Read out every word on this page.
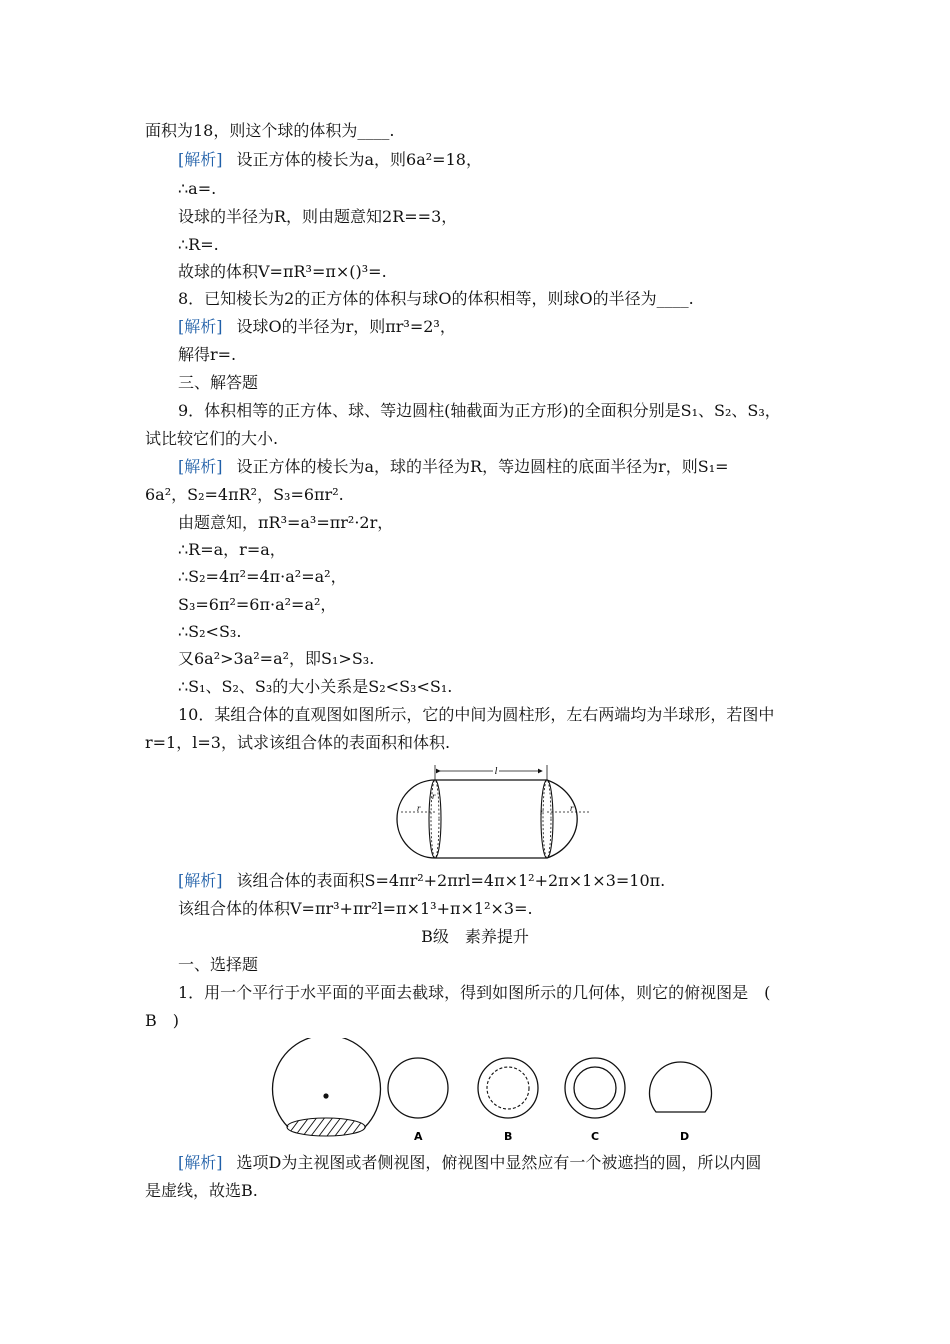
面积为18，则这个球的体积为____.
[解析] 设正方体的棱长为a，则6a²=18，
∴a=.
设球的半径为R，则由题意知2R==3，
∴R=.
故球的体积V=πR³=π×()³=.
8．已知棱长为2的正方体的体积与球O的体积相等，则球O的半径为____.
[解析] 设球O的半径为r，则πr³=2³，
解得r=.
三、解答题
9．体积相等的正方体、球、等边圆柱(轴截面为正方形)的全面积分别是S₁、S₂、S₃，
试比较它们的大小.
[解析] 设正方体的棱长为a，球的半径为R，等边圆柱的底面半径为r，则S₁=
6a²，S₂=4πR²，S₃=6πr².
由题意知，πR³=a³=πr²·2r，
∴R=a，r=a，
∴S₂=4π²=4π·a²=a²，
S₃=6π²=6π·a²=a²，
∴S₂<S₃.
又6a²>3a²=a²，即S₁>S₃.
∴S₁、S₂、S₃的大小关系是S₂<S₃<S₁.
10．某组合体的直观图如图所示，它的中间为圆柱形，左右两端均为半球形，若图中
r=1，l=3，试求该组合体的表面积和体积.
l
r
r
r
r
[解析] 该组合体的表面积S=4πr²+2πrl=4π×1²+2π×1×3=10π.
该组合体的体积V=πr³+πr²l=π×1³+π×1²×3=.
B级　素养提升
一、选择题
1．用一个平行于水平面的平面去截球，得到如图所示的几何体，则它的俯视图是　(
B　)
A	B	C	D
[解析] 选项D为主视图或者侧视图，俯视图中显然应有一个被遮挡的圆，所以内圆
是虚线，故选B.
